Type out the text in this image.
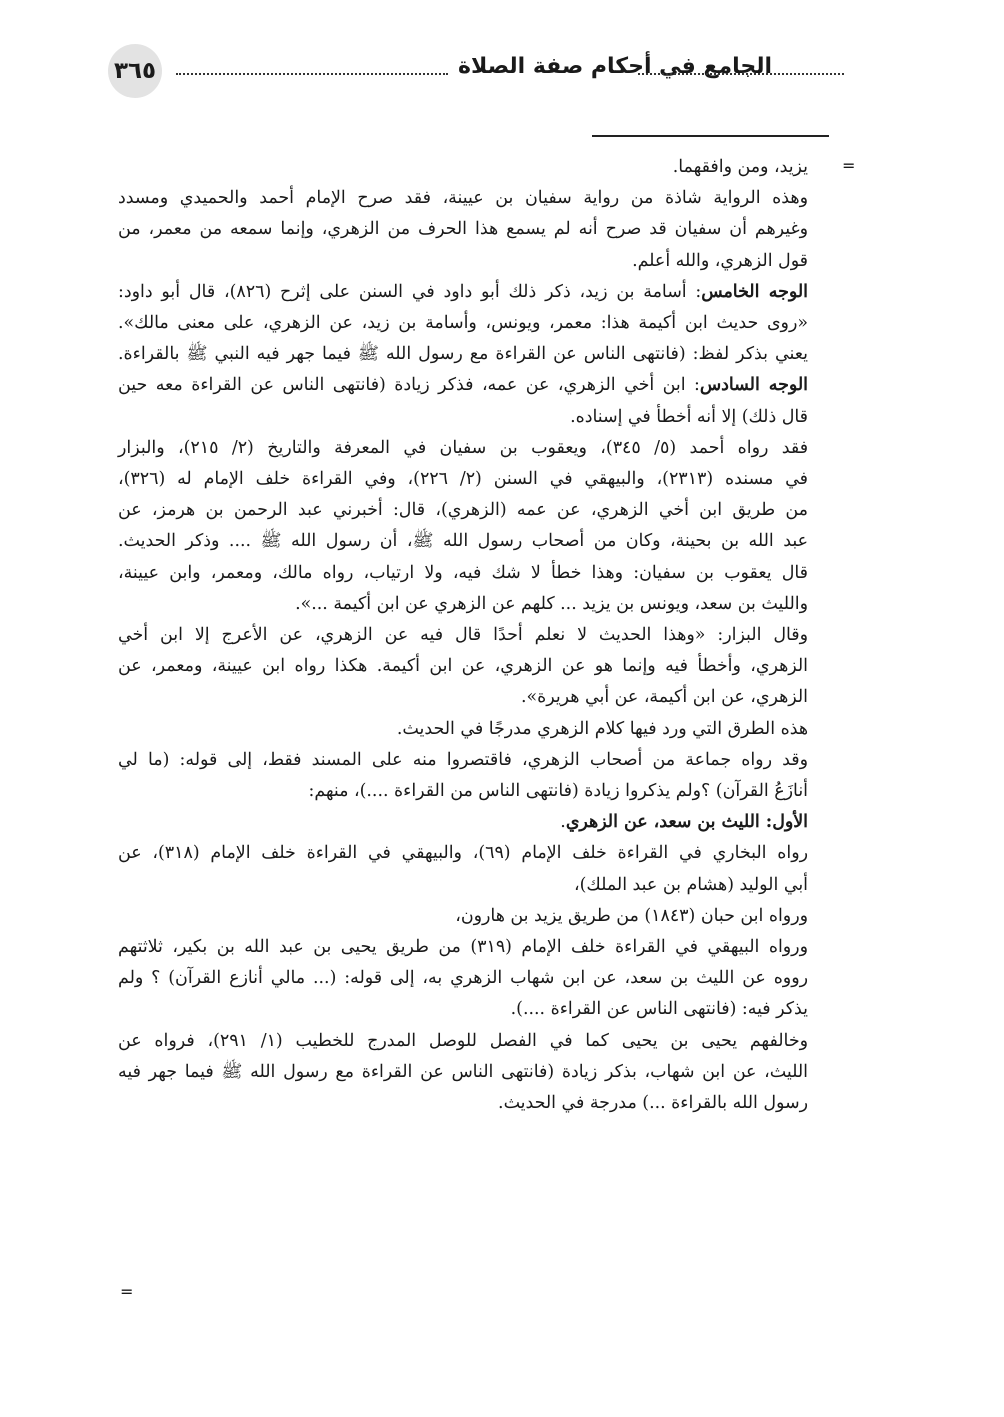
٣٦٥	الجامع في أحكام صفة الصلاة
=
يزيد، ومن وافقهما.
وهذه الرواية شاذة من رواية سفيان بن عيينة، فقد صرح الإمام أحمد والحميدي ومسدد
وغيرهم أن سفيان قد صرح أنه لم يسمع هذا الحرف من الزهري، وإنما سمعه من معمر، من
قول الزهري، والله أعلم.
الوجه الخامس: أسامة بن زيد، ذكر ذلك أبو داود في السنن على إثرح (٨٢٦)، قال أبو داود:
«روى حديث ابن أكيمة هذا: معمر، ويونس، وأسامة بن زيد، عن الزهري، على معنى مالك».
يعني بذكر لفظ: (فانتهى الناس عن القراءة مع رسول الله ﷺ فيما جهر فيه النبي ﷺ بالقراءة.
الوجه السادس: ابن أخي الزهري، عن عمه، فذكر زيادة (فانتهى الناس عن القراءة معه حين
قال ذلك) إلا أنه أخطأ في إسناده.
فقد رواه أحمد (٥/ ٣٤٥)، ويعقوب بن سفيان في المعرفة والتاريخ (٢/ ٢١٥)، والبزار
في مسنده (٢٣١٣)، والبيهقي في السنن (٢/ ٢٢٦)، وفي القراءة خلف الإمام له (٣٢٦)،
من طريق ابن أخي الزهري، عن عمه (الزهري)، قال: أخبرني عبد الرحمن بن هرمز، عن
عبد الله بن بحينة، وكان من أصحاب رسول الله ﷺ، أن رسول الله ﷺ .... وذكر الحديث.
قال يعقوب بن سفيان: وهذا خطأ لا شك فيه، ولا ارتياب، رواه مالك، ومعمر، وابن عيينة،
والليث بن سعد، ويونس بن يزيد ... كلهم عن الزهري عن ابن أكيمة ...».
وقال البزار: «وهذا الحديث لا نعلم أحدًا قال فيه عن الزهري، عن الأعرج إلا ابن أخي
الزهري، وأخطأ فيه وإنما هو عن الزهري، عن ابن أكيمة. هكذا رواه ابن عيينة، ومعمر، عن
الزهري، عن ابن أكيمة، عن أبي هريرة».
هذه الطرق التي ورد فيها كلام الزهري مدرجًا في الحديث.
وقد رواه جماعة من أصحاب الزهري، فاقتصروا منه على المسند فقط، إلى قوله: (ما لي
أنازَعُ القرآن) ؟ولم يذكروا زيادة (فانتهى الناس من القراءة ....)، منهم:
الأول: الليث بن سعد، عن الزهري.
رواه البخاري في القراءة خلف الإمام (٦٩)، والبيهقي في القراءة خلف الإمام (٣١٨)، عن
أبي الوليد (هشام بن عبد الملك)،
ورواه ابن حبان (١٨٤٣) من طريق يزيد بن هارون،
ورواه البيهقي في القراءة خلف الإمام (٣١٩) من طريق يحيى بن عبد الله بن بكير، ثلاثتهم
رووه عن الليث بن سعد، عن ابن شهاب الزهري به، إلى قوله: (... مالي أنازع القرآن) ؟ ولم
يذكر فيه: (فانتهى الناس عن القراءة ....).
وخالفهم يحيى بن يحيى كما في الفصل للوصل المدرج للخطيب (١/ ٢٩١)، فرواه عن
الليث، عن ابن شهاب، بذكر زيادة (فانتهى الناس عن القراءة مع رسول الله ﷺ فيما جهر فيه
رسول الله بالقراءة ...) مدرجة في الحديث.
=
